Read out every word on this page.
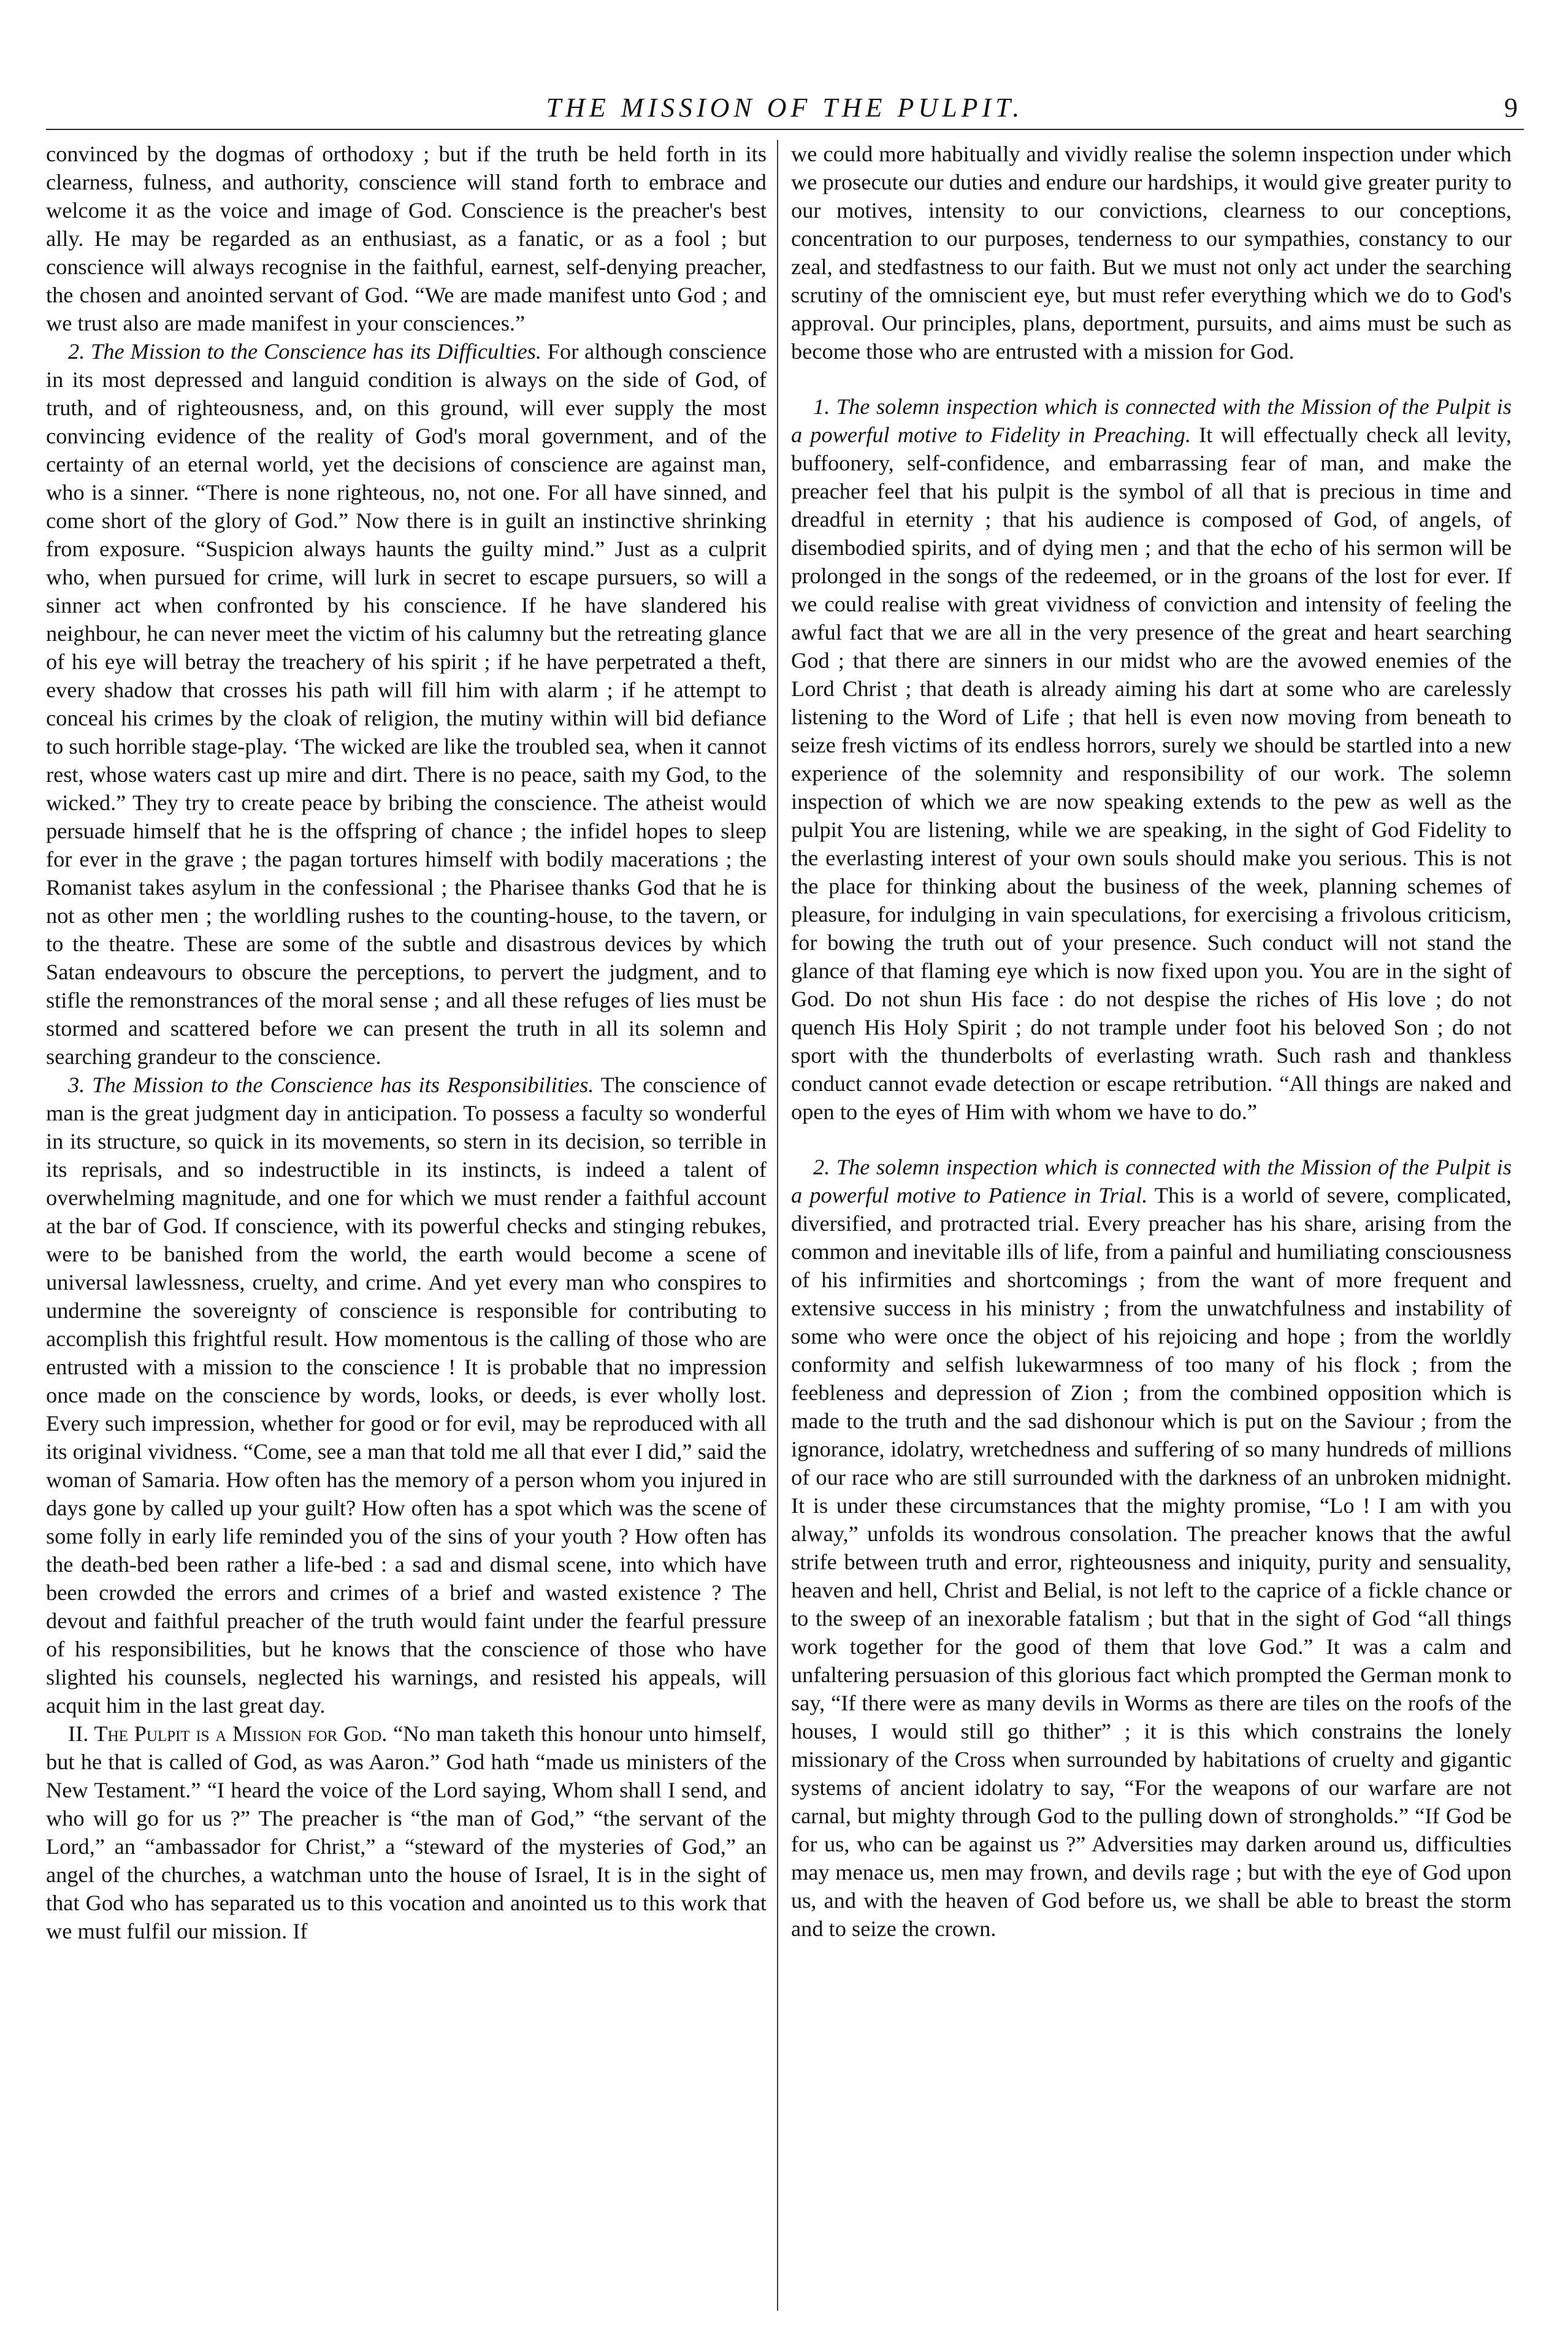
THE MISSION OF THE PULPIT.	9

convinced by the dogmas of orthodoxy ; but if the truth be held forth in its clearness, fulness, and authority, conscience will stand forth to embrace and welcome it as the voice and image of God. Conscience is the preacher's best ally. He may be regarded as an enthusiast, as a fanatic, or as a fool ; but conscience will always recognise in the faithful, earnest, self-denying preacher, the chosen and anointed servant of God. “We are made manifest unto God ; and we trust also are made manifest in your consciences.”

2. The Mission to the Conscience has its Difficulties. For although conscience in its most depressed and languid condition is always on the side of God, of truth, and of righteousness, and, on this ground, will ever supply the most convincing evidence of the reality of God's moral government, and of the certainty of an eternal world, yet the decisions of conscience are against man, who is a sinner. “There is none righteous, no, not one. For all have sinned, and come short of the glory of God.” Now there is in guilt an instinctive shrinking from exposure. “Suspicion always haunts the guilty mind.” Just as a culprit who, when pursued for crime, will lurk in secret to escape pursuers, so will a sinner act when confronted by his conscience. If he have slandered his neighbour, he can never meet the victim of his calumny but the retreating glance of his eye will betray the treachery of his spirit ; if he have perpetrated a theft, every shadow that crosses his path will fill him with alarm ; if he attempt to conceal his crimes by the cloak of religion, the mutiny within will bid defiance to such horrible stage-play. ‘The wicked are like the troubled sea, when it cannot rest, whose waters cast up mire and dirt. There is no peace, saith my God, to the wicked.” They try to create peace by bribing the conscience. The atheist would persuade himself that he is the offspring of chance ; the infidel hopes to sleep for ever in the grave ; the pagan tortures himself with bodily macerations ; the Romanist takes asylum in the confessional ; the Pharisee thanks God that he is not as other men ; the worldling rushes to the counting-house, to the tavern, or to the theatre. These are some of the subtle and disastrous devices by which Satan endeavours to obscure the perceptions, to pervert the judgment, and to stifle the remonstrances of the moral sense ; and all these refuges of lies must be stormed and scattered before we can present the truth in all its solemn and searching grandeur to the conscience.

3. The Mission to the Conscience has its Responsibilities. The conscience of man is the great judgment day in anticipation. To possess a faculty so wonderful in its structure, so quick in its movements, so stern in its decision, so terrible in its reprisals, and so indestructible in its instincts, is indeed a talent of overwhelming magnitude, and one for which we must render a faithful account at the bar of God. If conscience, with its powerful checks and stinging rebukes, were to be banished from the world, the earth would become a scene of universal lawlessness, cruelty, and crime. And yet every man who conspires to undermine the sovereignty of conscience is responsible for contributing to accomplish this frightful result. How momentous is the calling of those who are entrusted with a mission to the conscience ! It is probable that no impression once made on the conscience by words, looks, or deeds, is ever wholly lost. Every such impression, whether for good or for evil, may be reproduced with all its original vividness. “Come, see a man that told me all that ever I did,” said the woman of Samaria. How often has the memory of a person whom you injured in days gone by called up your guilt? How often has a spot which was the scene of some folly in early life reminded you of the sins of your youth ? How often has the death-bed been rather a life-bed : a sad and dismal scene, into which have been crowded the errors and crimes of a brief and wasted existence ? The devout and faithful preacher of the truth would faint under the fearful pressure of his responsibilities, but he knows that the conscience of those who have slighted his counsels, neglected his warnings, and resisted his appeals, will acquit him in the last great day.

II. The Pulpit is a Mission for God. “No man taketh this honour unto himself, but he that is called of God, as was Aaron.” God hath “made us ministers of the New Testament.” “I heard the voice of the Lord saying, Whom shall I send, and who will go for us ?” The preacher is “the man of God,” “the servant of the Lord,” an “ambassador for Christ,” a “steward of the mysteries of God,” an angel of the churches, a watchman unto the house of Israel, It is in the sight of that God who has separated us to this vocation and anointed us to this work that we must fulfil our mission. If

we could more habitually and vividly realise the solemn inspection under which we prosecute our duties and endure our hardships, it would give greater purity to our motives, intensity to our convictions, clearness to our conceptions, concentration to our purposes, tenderness to our sympathies, constancy to our zeal, and stedfastness to our faith. But we must not only act under the searching scrutiny of the omniscient eye, but must refer everything which we do to God's approval. Our principles, plans, deportment, pursuits, and aims must be such as become those who are entrusted with a mission for God.

1. The solemn inspection which is connected with the Mission of the Pulpit is a powerful motive to Fidelity in Preaching. It will effectually check all levity, buffoonery, self-confidence, and embarrassing fear of man, and make the preacher feel that his pulpit is the symbol of all that is precious in time and dreadful in eternity ; that his audience is composed of God, of angels, of disembodied spirits, and of dying men ; and that the echo of his sermon will be prolonged in the songs of the redeemed, or in the groans of the lost for ever. If we could realise with great vividness of conviction and intensity of feeling the awful fact that we are all in the very presence of the great and heart searching God ; that there are sinners in our midst who are the avowed enemies of the Lord Christ ; that death is already aiming his dart at some who are carelessly listening to the Word of Life ; that hell is even now moving from beneath to seize fresh victims of its endless horrors, surely we should be startled into a new experience of the solemnity and responsibility of our work. The solemn inspection of which we are now speaking extends to the pew as well as the pulpit You are listening, while we are speaking, in the sight of God Fidelity to the everlasting interest of your own souls should make you serious. This is not the place for thinking about the business of the week, planning schemes of pleasure, for indulging in vain speculations, for exercising a frivolous criticism, for bowing the truth out of your presence. Such conduct will not stand the glance of that flaming eye which is now fixed upon you. You are in the sight of God. Do not shun His face : do not despise the riches of His love ; do not quench His Holy Spirit ; do not trample under foot his beloved Son ; do not sport with the thunderbolts of everlasting wrath. Such rash and thankless conduct cannot evade detection or escape retribution. “All things are naked and open to the eyes of Him with whom we have to do.”

2. The solemn inspection which is connected with the Mission of the Pulpit is a powerful motive to Patience in Trial. This is a world of severe, complicated, diversified, and protracted trial. Every preacher has his share, arising from the common and inevitable ills of life, from a painful and humiliating consciousness of his infirmities and shortcomings ; from the want of more frequent and extensive success in his ministry ; from the unwatchfulness and instability of some who were once the object of his rejoicing and hope ; from the worldly conformity and selfish lukewarmness of too many of his flock ; from the feebleness and depression of Zion ; from the combined opposition which is made to the truth and the sad dishonour which is put on the Saviour ; from the ignorance, idolatry, wretchedness and suffering of so many hundreds of millions of our race who are still surrounded with the darkness of an unbroken midnight. It is under these circumstances that the mighty promise, “Lo ! I am with you alway,” unfolds its wondrous consolation. The preacher knows that the awful strife between truth and error, righteousness and iniquity, purity and sensuality, heaven and hell, Christ and Belial, is not left to the caprice of a fickle chance or to the sweep of an inexorable fatalism ; but that in the sight of God “all things work together for the good of them that love God.” It was a calm and unfaltering persuasion of this glorious fact which prompted the German monk to say, “If there were as many devils in Worms as there are tiles on the roofs of the houses, I would still go thither” ; it is this which constrains the lonely missionary of the Cross when surrounded by habitations of cruelty and gigantic systems of ancient idolatry to say, “For the weapons of our warfare are not carnal, but mighty through God to the pulling down of strongholds.” “If God be for us, who can be against us ?” Adversities may darken around us, difficulties may menace us, men may frown, and devils rage ; but with the eye of God upon us, and with the heaven of God before us, we shall be able to breast the storm and to seize the crown.
